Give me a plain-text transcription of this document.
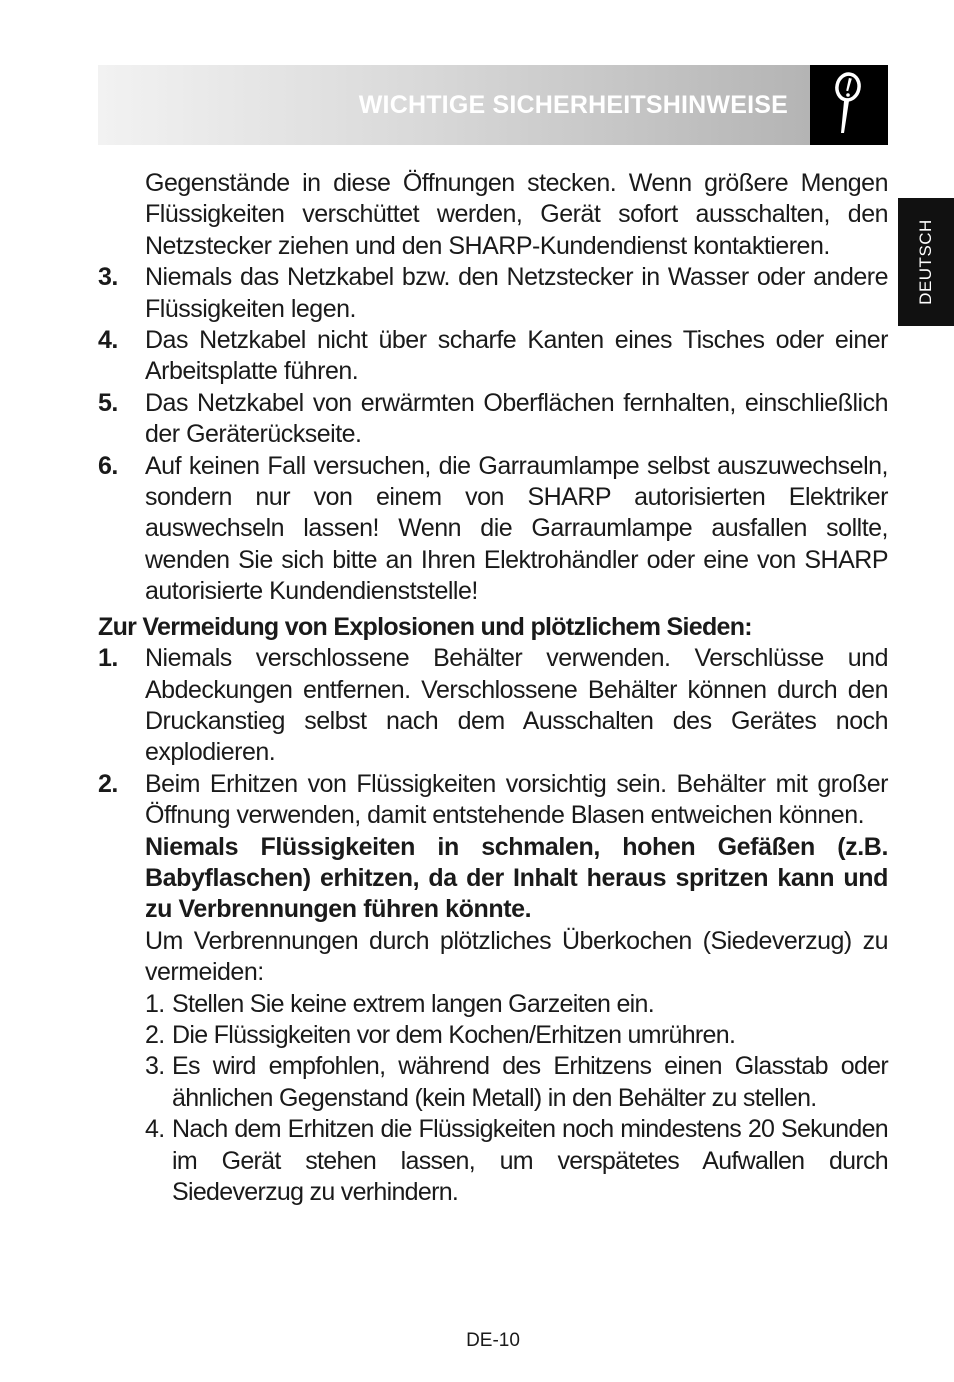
WICHTIGE SICHERHEITSHINWEISE
DEUTSCH

Gegenstände in diese Öffnungen stecken. Wenn größere Mengen Flüssigkeiten verschüttet werden, Gerät sofort ausschalten, den Netzstecker ziehen und den SHARP-Kundendienst kontaktieren.

3. Niemals das Netzkabel bzw. den Netzstecker in Wasser oder andere Flüssigkeiten legen.
4. Das Netzkabel nicht über scharfe Kanten eines Tisches oder einer Arbeitsplatte führen.
5. Das Netzkabel von erwärmten Oberflächen fernhalten, einschließlich der Geräterückseite.
6. Auf keinen Fall versuchen, die Garraumlampe selbst auszuwechseln, sondern nur von einem von SHARP autorisierten Elektriker auswechseln lassen! Wenn die Garraumlampe ausfallen sollte, wenden Sie sich bitte an Ihren Elektrohändler oder eine von SHARP autorisierte Kundendienststelle!

Zur Vermeidung von Explosionen und plötzlichem Sieden:

1. Niemals verschlossene Behälter verwenden. Verschlüsse und Abdeckungen entfernen. Verschlossene Behälter können durch den Druckanstieg selbst nach dem Ausschalten des Gerätes noch explodieren.
2. Beim Erhitzen von Flüssigkeiten vorsichtig sein. Behälter mit großer Öffnung verwenden, damit entstehende Blasen entweichen können.

Niemals Flüssigkeiten in schmalen, hohen Gefäßen (z.B. Babyflaschen) erhitzen, da der Inhalt heraus spritzen kann und zu Verbrennungen führen könnte.

Um Verbrennungen durch plötzliches Überkochen (Siedeverzug) zu vermeiden:

1. Stellen Sie keine extrem langen Garzeiten ein.
2. Die Flüssigkeiten vor dem Kochen/Erhitzen umrühren.
3. Es wird empfohlen, während des Erhitzens einen Glasstab oder ähnlichen Gegenstand (kein Metall) in den Behälter zu stellen.
4. Nach dem Erhitzen die Flüssigkeiten noch mindestens 20 Sekunden im Gerät stehen lassen, um verspätetes Aufwallen durch Siedeverzug zu verhindern.
DE-10
